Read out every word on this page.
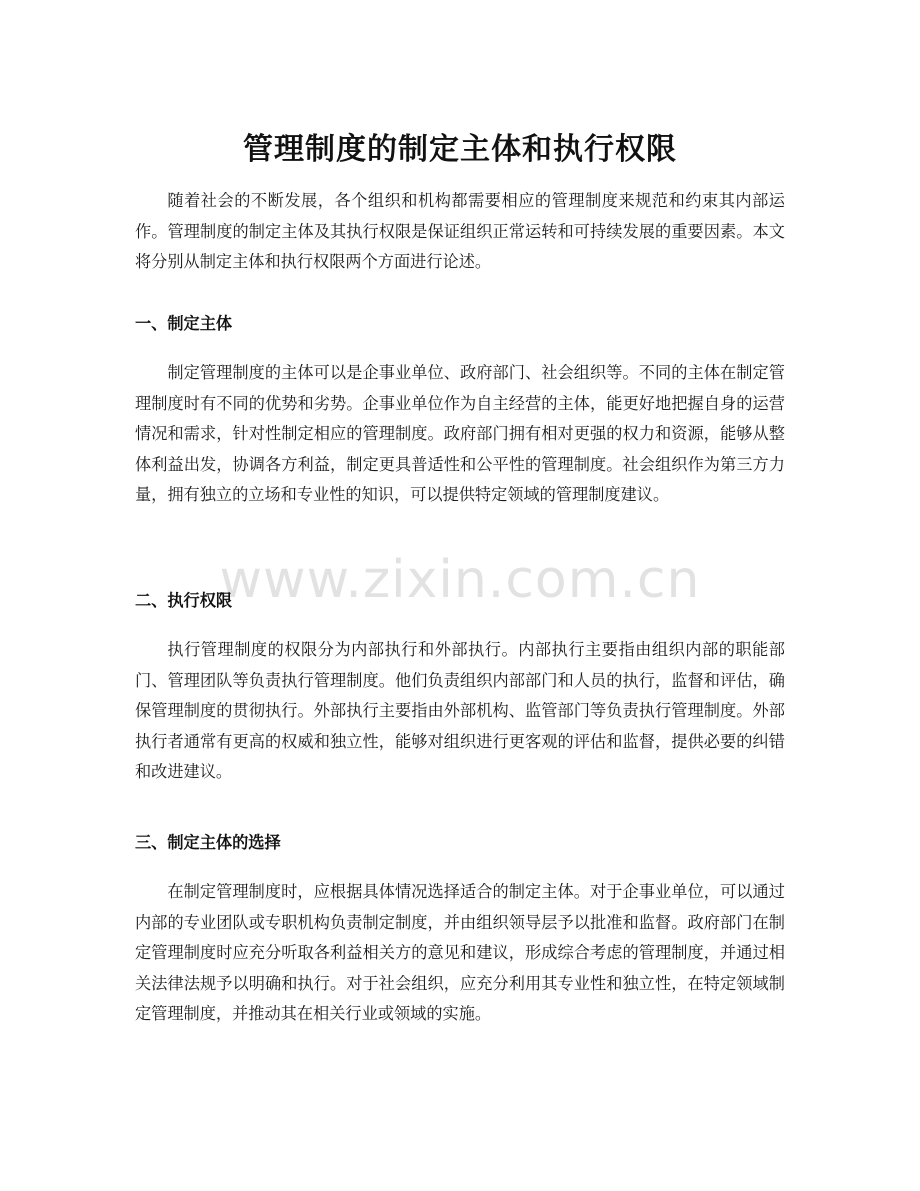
www.zixin.com.cn
管理制度的制定主体和执行权限

随着社会的不断发展，各个组织和机构都需要相应的管理制度来规范和约束其内部运作。管理制度的制定主体及其执行权限是保证组织正常运转和可持续发展的重要因素。本文将分别从制定主体和执行权限两个方面进行论述。

一、制定主体

制定管理制度的主体可以是企事业单位、政府部门、社会组织等。不同的主体在制定管理制度时有不同的优势和劣势。企事业单位作为自主经营的主体，能更好地把握自身的运营情况和需求，针对性制定相应的管理制度。政府部门拥有相对更强的权力和资源，能够从整体利益出发，协调各方利益，制定更具普适性和公平性的管理制度。社会组织作为第三方力量，拥有独立的立场和专业性的知识，可以提供特定领域的管理制度建议。

二、执行权限

执行管理制度的权限分为内部执行和外部执行。内部执行主要指由组织内部的职能部门、管理团队等负责执行管理制度。他们负责组织内部部门和人员的执行，监督和评估，确保管理制度的贯彻执行。外部执行主要指由外部机构、监管部门等负责执行管理制度。外部执行者通常有更高的权威和独立性，能够对组织进行更客观的评估和监督，提供必要的纠错和改进建议。

三、制定主体的选择

在制定管理制度时，应根据具体情况选择适合的制定主体。对于企事业单位，可以通过内部的专业团队或专职机构负责制定制度，并由组织领导层予以批准和监督。政府部门在制定管理制度时应充分听取各利益相关方的意见和建议，形成综合考虑的管理制度，并通过相关法律法规予以明确和执行。对于社会组织，应充分利用其专业性和独立性，在特定领域制定管理制度，并推动其在相关行业或领域的实施。
